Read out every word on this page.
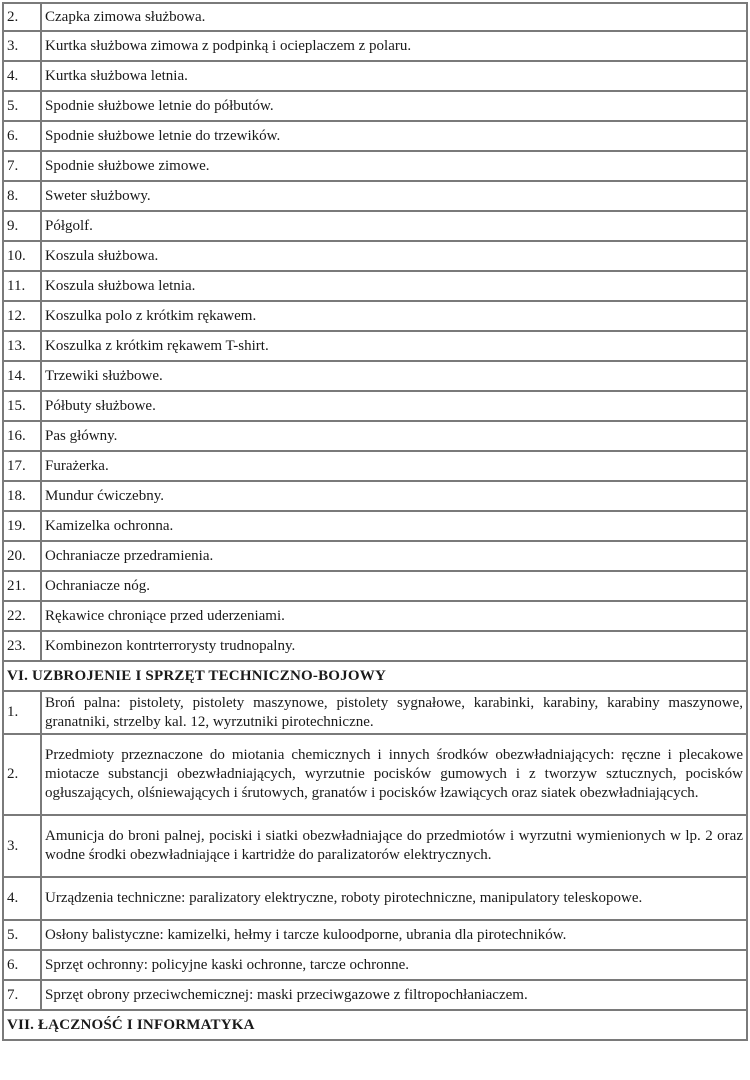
2.	Czapka zimowa służbowa.
3.	Kurtka służbowa zimowa z podpinką i ocieplaczem z polaru.
4.	Kurtka służbowa letnia.
5.	Spodnie służbowe letnie do półbutów.
6.	Spodnie służbowe letnie do trzewików.
7.	Spodnie służbowe zimowe.
8.	Sweter służbowy.
9.	Półgolf.
10.	Koszula służbowa.
11.	Koszula służbowa letnia.
12.	Koszulka polo z krótkim rękawem.
13.	Koszulka z krótkim rękawem T-shirt.
14.	Trzewiki służbowe.
15.	Półbuty służbowe.
16.	Pas główny.
17.	Furażerka.
18.	Mundur ćwiczebny.
19.	Kamizelka ochronna.
20.	Ochraniacze przedramienia.
21.	Ochraniacze nóg.
22.	Rękawice chroniące przed uderzeniami.
23.	Kombinezon kontrterrorysty trudnopalny.
VI. UZBROJENIE I SPRZĘT TECHNICZNO-BOJOWY	
1.	Broń palna: pistolety, pistolety maszynowe, pistolety sygnałowe, karabinki, karabiny, karabiny maszynowe, granatniki, strzelby kal. 12, wyrzutniki pirotechniczne.
2.	Przedmioty przeznaczone do miotania chemicznych i innych środków obezwładniających: ręczne i plecakowe miotacze substancji obezwładniających, wyrzutnie pocisków gumowych i z tworzyw sztucznych, pocisków ogłuszających, olśniewających i śrutowych, granatów i pocisków łzawiących oraz siatek obezwładniających.
3.	Amunicja do broni palnej, pociski i siatki obezwładniające do przedmiotów i wyrzutni wymienionych w lp. 2 oraz wodne środki obezwładniające i kartridże do paralizatorów elektrycznych.
4.	Urządzenia techniczne: paralizatory elektryczne, roboty pirotechniczne, manipulatory teleskopowe.
5.	Osłony balistyczne: kamizelki, hełmy i tarcze kuloodporne, ubrania dla pirotechników.
6.	Sprzęt ochronny: policyjne kaski ochronne, tarcze ochronne.
7.	Sprzęt obrony przeciwchemicznej: maski przeciwgazowe z filtropochłaniaczem.
VII. ŁĄCZNOŚĆ I INFORMATYKA	
